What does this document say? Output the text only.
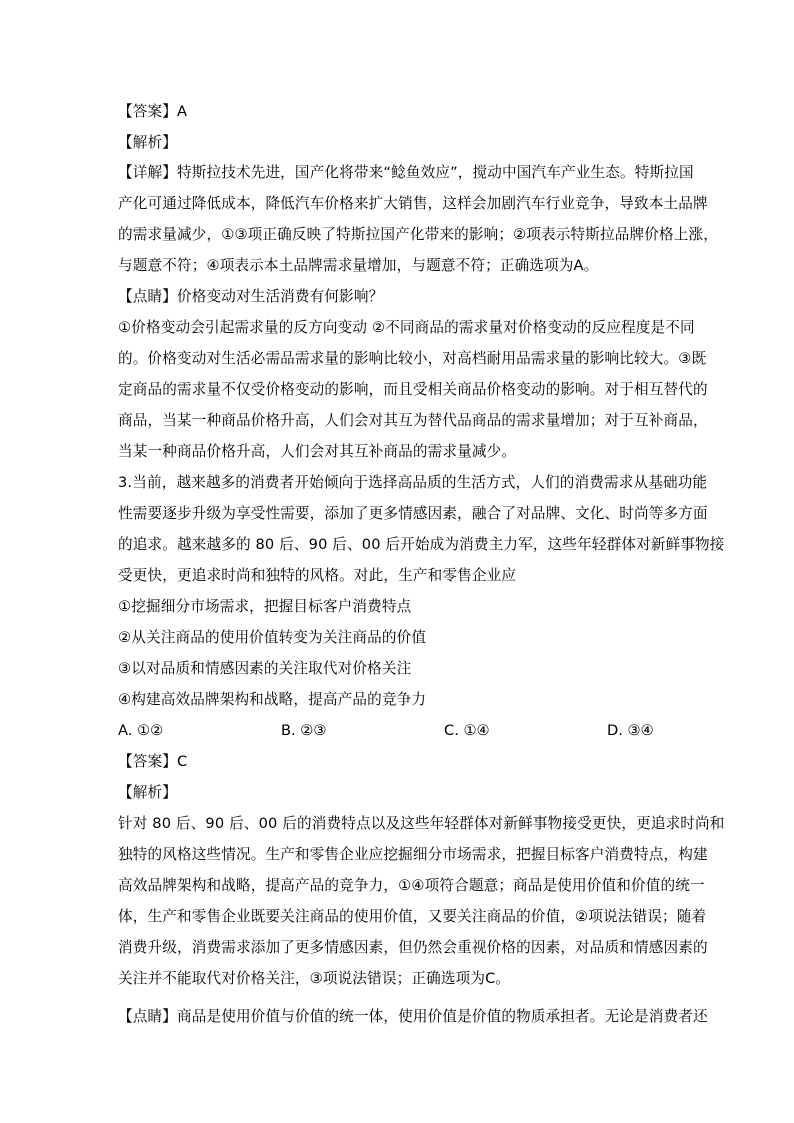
【答案】A
【解析】
【详解】特斯拉技术先进，国产化将带来“鲶鱼效应”，搅动中国汽车产业生态。特斯拉国
产化可通过降低成本，降低汽车价格来扩大销售，这样会加剧汽车行业竞争，导致本土品牌
的需求量减少，①③项正确反映了特斯拉国产化带来的影响；②项表示特斯拉品牌价格上涨，
与题意不符；④项表示本土品牌需求量增加，与题意不符；正确选项为A。
【点睛】价格变动对生活消费有何影响？
①价格变动会引起需求量的反方向变动 ②不同商品的需求量对价格变动的反应程度是不同
的。价格变动对生活必需品需求量的影响比较小，对高档耐用品需求量的影响比较大。③既
定商品的需求量不仅受价格变动的影响，而且受相关商品价格变动的影响。对于相互替代的
商品，当某一种商品价格升高，人们会对其互为替代品商品的需求量增加；对于互补商品，
当某一种商品价格升高，人们会对其互补商品的需求量减少。
3.当前，越来越多的消费者开始倾向于选择高品质的生活方式，人们的消费需求从基础功能
性需要逐步升级为享受性需要，添加了更多情感因素，融合了对品牌、文化、时尚等多方面
的追求。越来越多的 80 后、90 后、00 后开始成为消费主力军，这些年轻群体对新鲜事物接
受更快，更追求时尚和独特的风格。对此，生产和零售企业应
①挖掘细分市场需求，把握目标客户消费特点
②从关注商品的使用价值转变为关注商品的价值
③以对品质和情感因素的关注取代对价格关注
④构建高效品牌架构和战略，提高产品的竞争力
A. ①②	B. ②③	C. ①④	D. ③④
【答案】C
【解析】
针对 80 后、90 后、00 后的消费特点以及这些年轻群体对新鲜事物接受更快，更追求时尚和
独特的风格这些情况。生产和零售企业应挖掘细分市场需求，把握目标客户消费特点，构建
高效品牌架构和战略，提高产品的竞争力，①④项符合题意；商品是使用价值和价值的统一
体，生产和零售企业既要关注商品的使用价值，又要关注商品的价值，②项说法错误；随着
消费升级，消费需求添加了更多情感因素，但仍然会重视价格的因素，对品质和情感因素的
关注并不能取代对价格关注，③项说法错误；正确选项为C。
【点睛】商品是使用价值与价值的统一体，使用价值是价值的物质承担者。无论是消费者还
